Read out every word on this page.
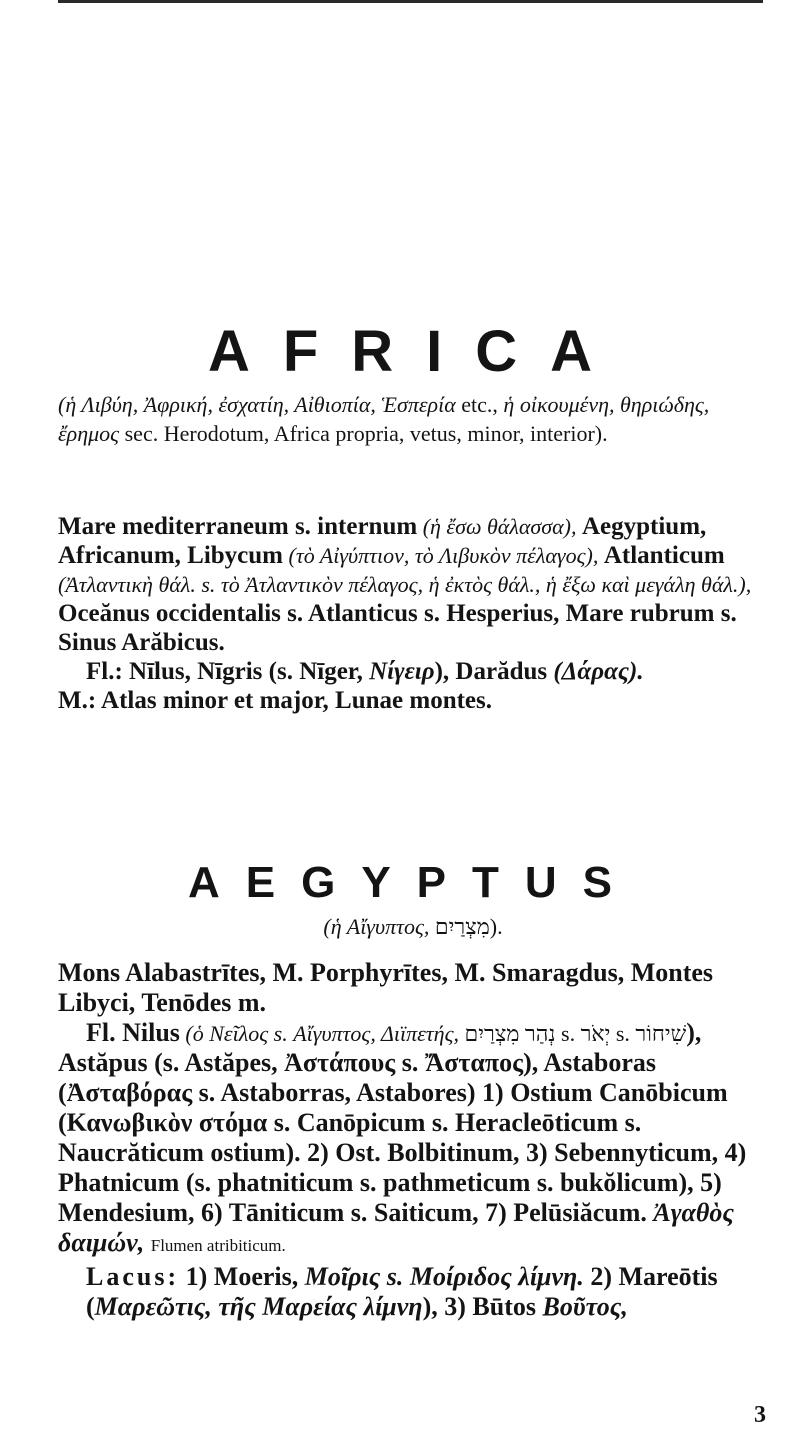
AFRICA
(ἡ Λιβύη, Ἀφρική, ἐσχατίη, Αἰθιοπία, Ἑσπερία etc., ἡ οἰκουμένη, θηριώδης, ἔρημος sec. Herodotum, Africa propria, vetus, minor, interior).
Mare mediterraneum s. internum (ἡ ἔσω θάλασσα), Aegyptium, Africanum, Libycum (τὸ Αἰγύπτιον, τὸ Λιβυκὸν πέλαγος), Atlanticum (Ἀτλαντικὴ θάλ. s. τὸ Ἀτλαντικὸν πέλαγος, ἡ ἐκτὸς θάλ., ἡ ἔξω καὶ μεγάλη θάλ.), Oceănus occidentalis s. Atlanticus s. Hesperius, Mare rubrum s. Sinus Arăbicus.
Fl.: Nīlus, Nīgris (s. Nīger, Νίγειρ), Darădus (Δάρας).
M.: Atlas minor et major, Lunae montes.
AEGYPTUS
(ἡ Αἴγυπτος, מִצְרַיִם).
Mons Alabastrītes, M. Porphyrītes, M. Smaragdus, Montes Libyci, Tenōdes m.
Fl. Nilus (ὁ Νεῖλος s. Αἴγυπτος, Διϊπετής, נְהַר מִצְרַיִם s. יְאֹר s. שִׁיחוֹר), Astăpus (s. Astăpes, Ἀστάπους s. Ἄσταπος), Astaboras (Ἀσταβόρας s. Astaborras, Astabores) 1) Ostium Canōbicum (Κανωβικὸν στόμα s. Canōpicum s. Heracleōticum s. Naucrăticum ostium). 2) Ost. Bolbitinum, 3) Sebennyticum, 4) Phatnicum (s. phatniticum s. pathmeticum s. bukŏlicum), 5) Mendesium, 6) Tāniticum s. Saiticum, 7) Pelūsiăcum. Ἀγαθὸς δαιμών, Flumen atribiticum.
Lacus: 1) Moeris, Μοῖρις s. Μοίριδος λίμνη. 2) Mareōtis (Μαρεῶτις, τῆς Μαρείας λίμνη), 3) Būtos Βοῦτος,
3
